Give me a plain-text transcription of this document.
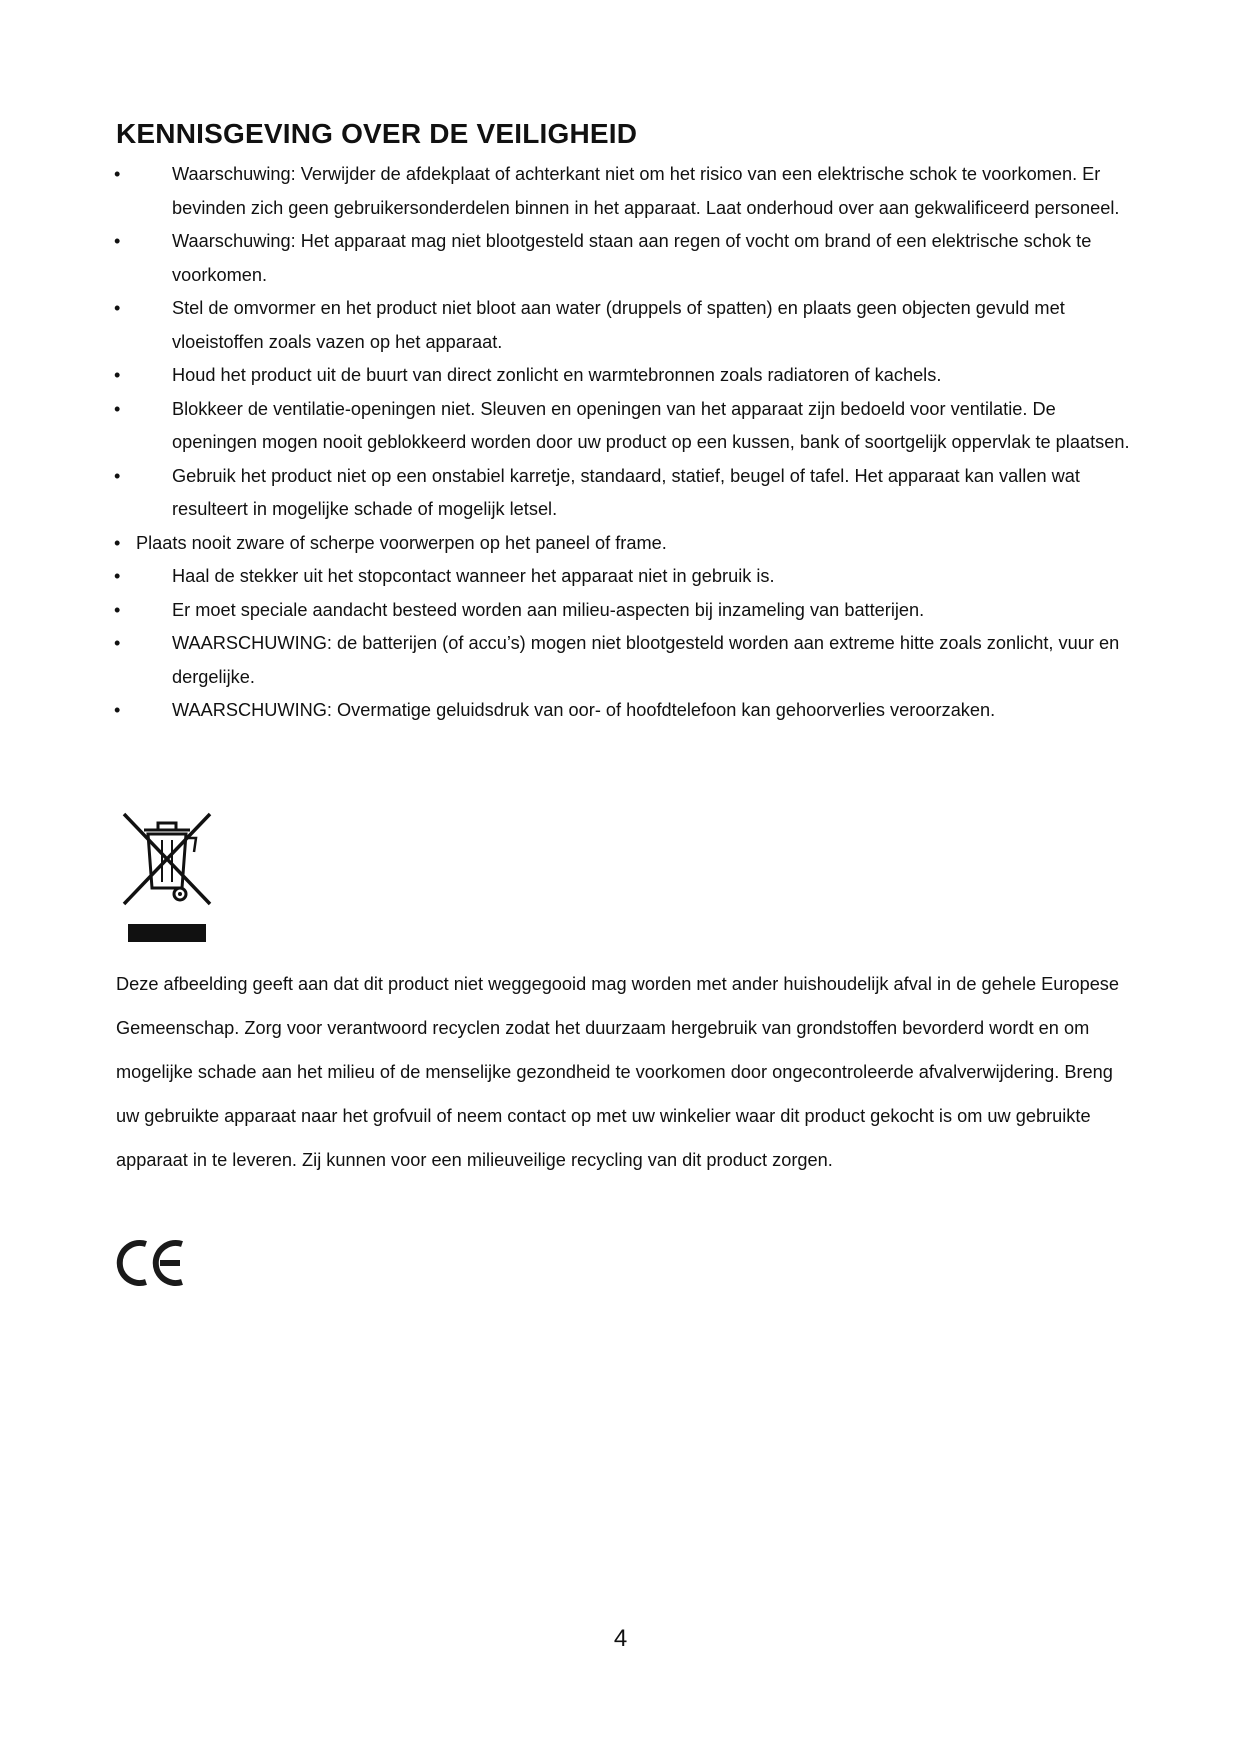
KENNISGEVING OVER DE VEILIGHEID
•	Waarschuwing: Verwijder de afdekplaat of achterkant niet om het risico van een elektrische schok te voorkomen. Er bevinden zich geen gebruikersonderdelen binnen in het apparaat. Laat onderhoud over aan gekwalificeerd personeel.
•	Waarschuwing: Het apparaat mag niet blootgesteld staan aan regen of vocht om brand of een elektrische schok te voorkomen.
•	Stel de omvormer en het product niet bloot aan water (druppels of spatten) en plaats geen objecten gevuld met vloeistoffen zoals vazen op het apparaat.
•	Houd het product uit de buurt van direct zonlicht en warmtebronnen zoals radiatoren of kachels.
•	Blokkeer de ventilatie-openingen niet. Sleuven en openingen van het apparaat zijn bedoeld voor ventilatie. De openingen mogen nooit geblokkeerd worden door uw product op een kussen, bank of soortgelijk oppervlak te plaatsen.
•	Gebruik het product niet op een onstabiel karretje, standaard, statief, beugel of tafel. Het apparaat kan vallen wat resulteert in mogelijke schade of mogelijk letsel.
• Plaats nooit zware of scherpe voorwerpen op het paneel of frame.
•	Haal de stekker uit het stopcontact wanneer het apparaat niet in gebruik is.
•	Er moet speciale aandacht besteed worden aan milieu-aspecten bij inzameling van batterijen.
•	WAARSCHUWING: de batterijen (of accu’s) mogen niet blootgesteld worden aan extreme hitte zoals zonlicht, vuur en dergelijke.
•	WAARSCHUWING: Overmatige geluidsdruk van oor- of hoofdtelefoon kan gehoorverlies veroorzaken.

Deze afbeelding geeft aan dat dit product niet weggegooid mag worden met ander huishoudelijk afval in de gehele Europese Gemeenschap. Zorg voor verantwoord recyclen zodat het duurzaam hergebruik van grondstoffen bevorderd wordt en om mogelijke schade aan het milieu of de menselijke gezondheid te voorkomen door ongecontroleerde afvalverwijdering. Breng uw gebruikte apparaat naar het grofvuil of neem contact op met uw winkelier waar dit product gekocht is om uw gebruikte apparaat in te leveren. Zij kunnen voor een milieuveilige recycling van dit product zorgen.

4
